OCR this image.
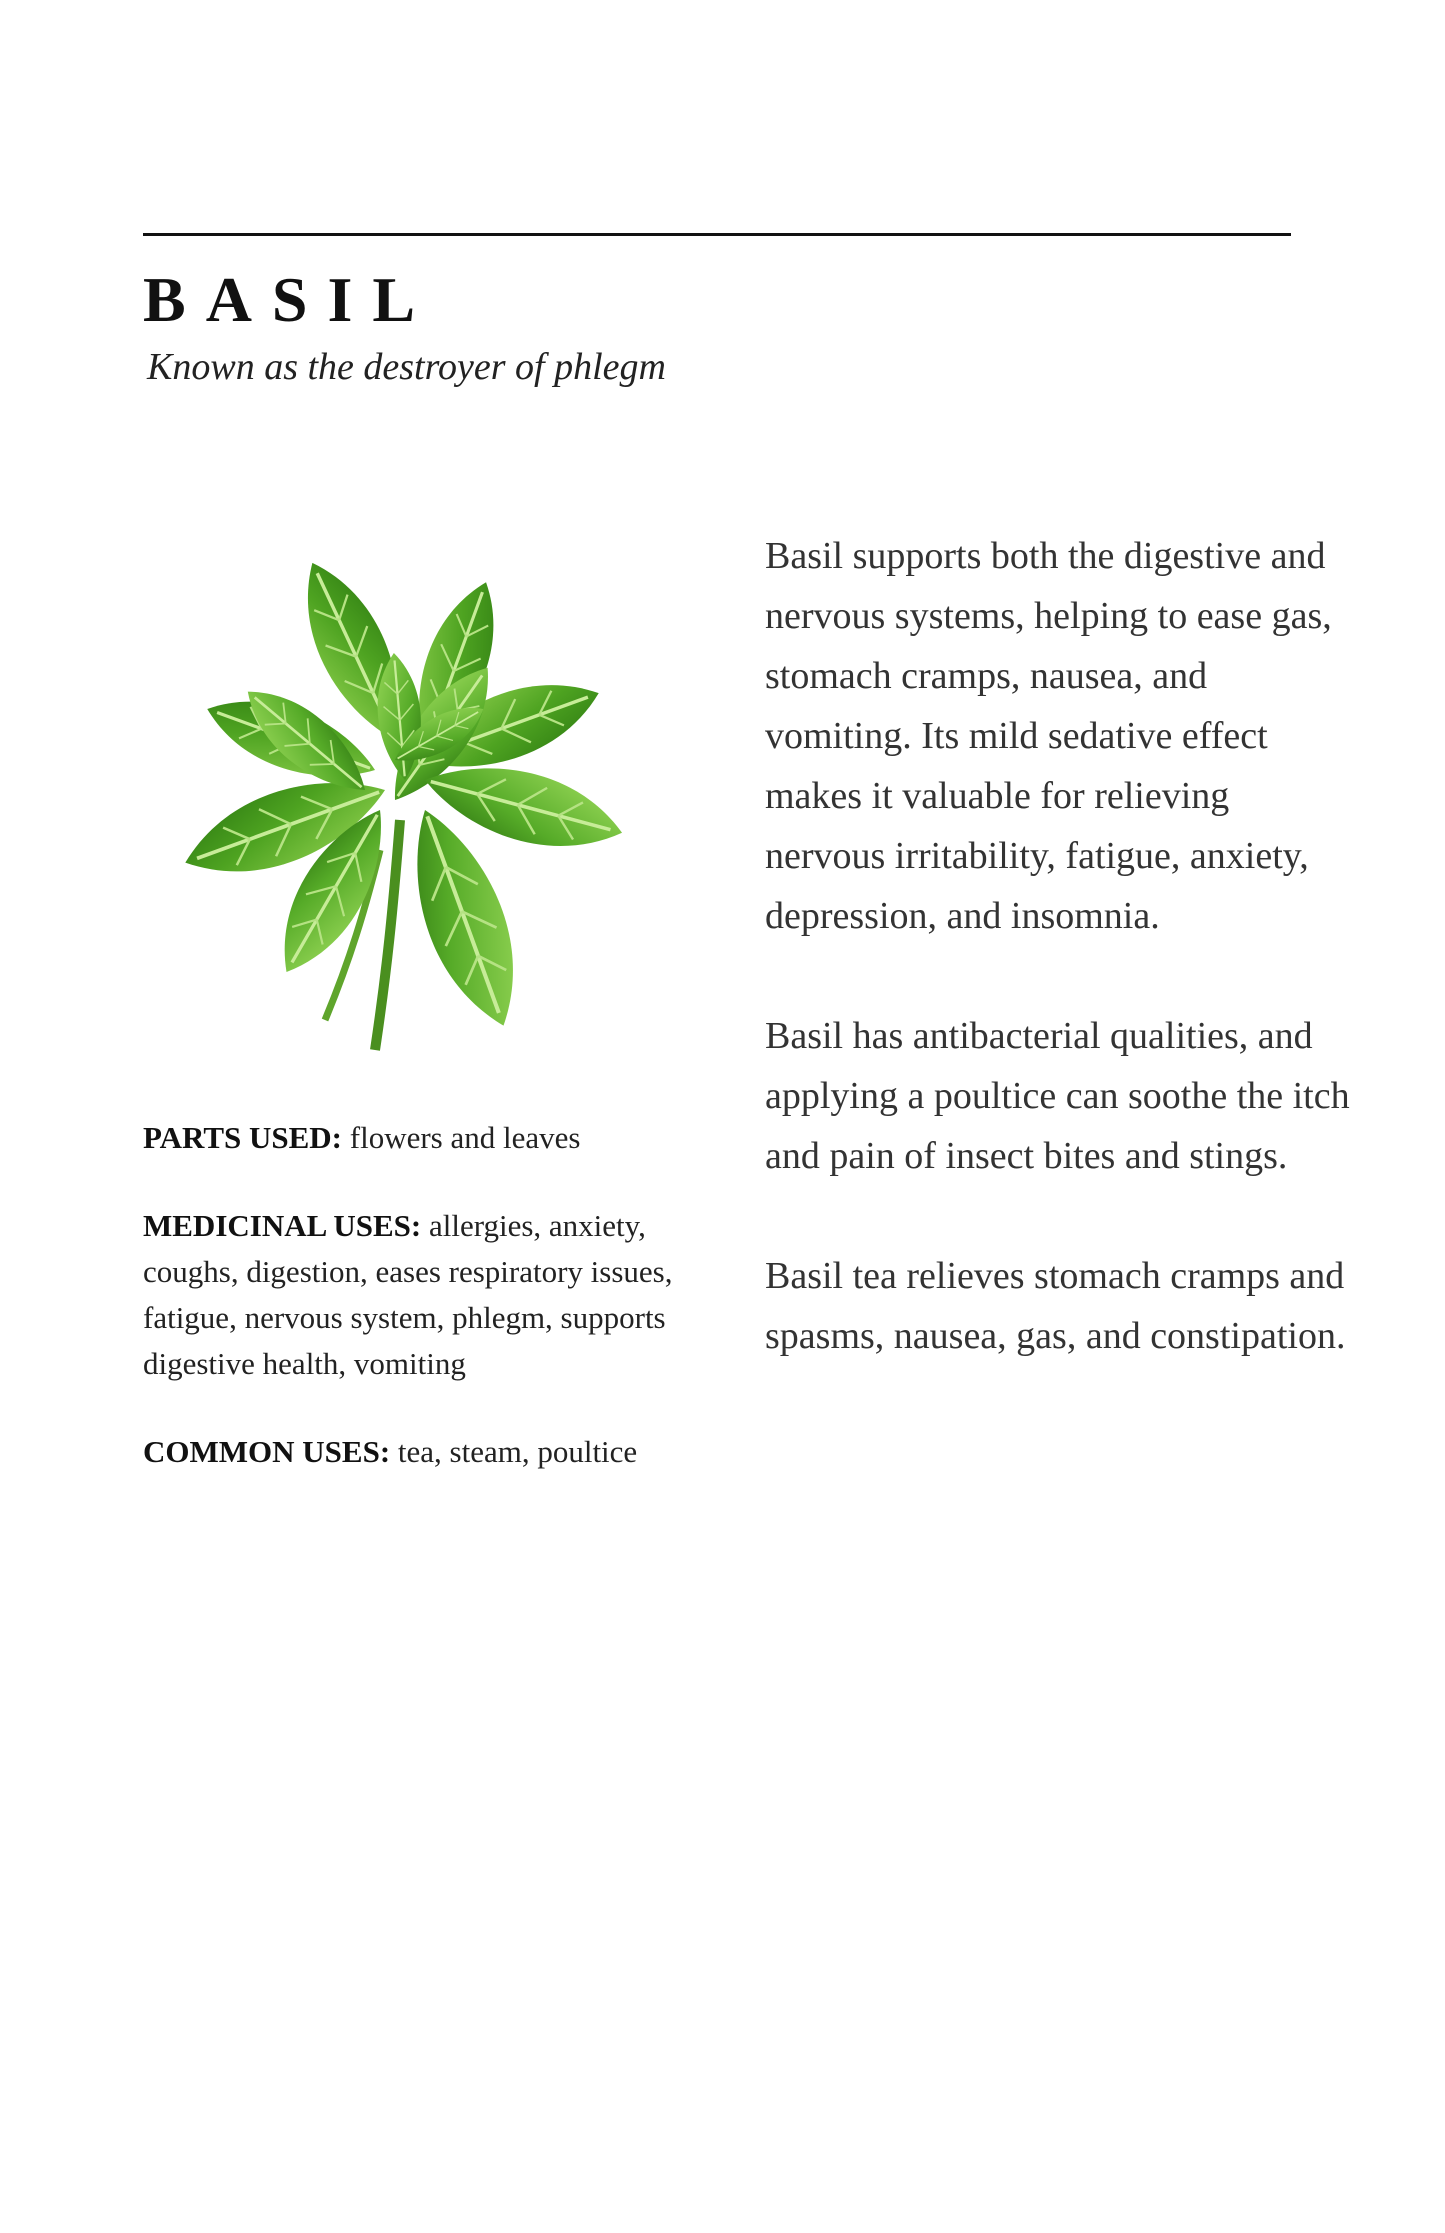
BASIL

Known as the destroyer of phlegm

PARTS USED: flowers and leaves

MEDICINAL USES: allergies, anxiety, coughs, digestion, eases respiratory issues, fatigue, nervous system, phlegm, supports digestive health, vomiting

COMMON USES: tea, steam, poultice

Basil supports both the digestive and nervous systems, helping to ease gas, stomach cramps, nausea, and vomiting. Its mild sedative effect makes it valuable for relieving nervous irritability, fatigue, anxiety, depression, and insomnia.

Basil has antibacterial qualities, and applying a poultice can soothe the itch and pain of insect bites and stings.

Basil tea relieves stomach cramps and spasms, nausea, gas, and constipation.
